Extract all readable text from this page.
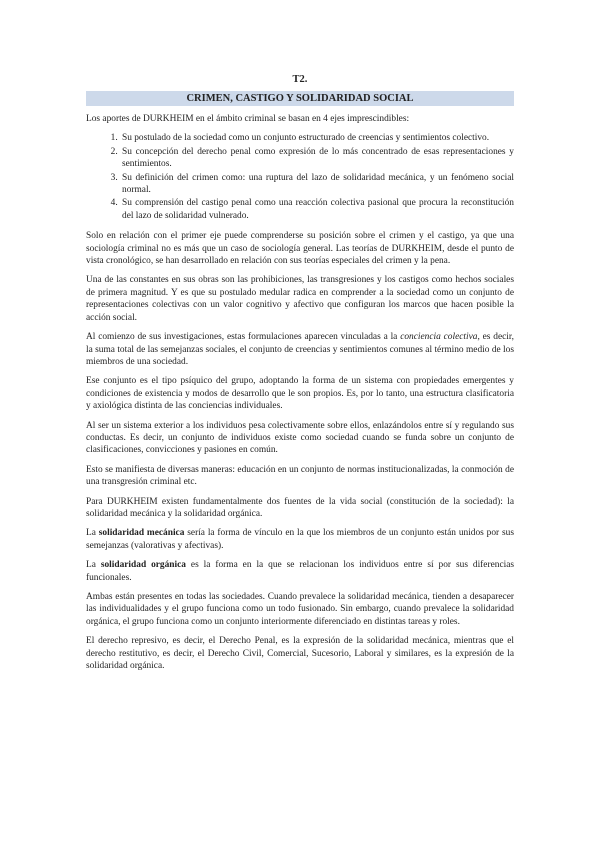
T2.
CRIMEN, CASTIGO Y SOLIDARIDAD SOCIAL

Los aportes de DURKHEIM en el ámbito criminal se basan en 4 ejes imprescindibles:

1. Su postulado de la sociedad como un conjunto estructurado de creencias y sentimientos colectivo.
2. Su concepción del derecho penal como expresión de lo más concentrado de esas representaciones y sentimientos.
3. Su definición del crimen como: una ruptura del lazo de solidaridad mecánica, y un fenómeno social normal.
4. Su comprensión del castigo penal como una reacción colectiva pasional que procura la reconstitución del lazo de solidaridad vulnerado.

Solo en relación con el primer eje puede comprenderse su posición sobre el crimen y el castigo, ya que una sociología criminal no es más que un caso de sociología general. Las teorías de DURKHEIM, desde el punto de vista cronológico, se han desarrollado en relación con sus teorías especiales del crimen y la pena.

Una de las constantes en sus obras son las prohibiciones, las transgresiones y los castigos como hechos sociales de primera magnitud. Y es que su postulado medular radica en comprender a la sociedad como un conjunto de representaciones colectivas con un valor cognitivo y afectivo que configuran los marcos que hacen posible la acción social.

Al comienzo de sus investigaciones, estas formulaciones aparecen vinculadas a la conciencia colectiva, es decir, la suma total de las semejanzas sociales, el conjunto de creencias y sentimientos comunes al término medio de los miembros de una sociedad.

Ese conjunto es el tipo psíquico del grupo, adoptando la forma de un sistema con propiedades emergentes y condiciones de existencia y modos de desarrollo que le son propios. Es, por lo tanto, una estructura clasificatoria y axiológica distinta de las conciencias individuales.

Al ser un sistema exterior a los individuos pesa colectivamente sobre ellos, enlazándolos entre sí y regulando sus conductas. Es decir, un conjunto de individuos existe como sociedad cuando se funda sobre un conjunto de clasificaciones, convicciones y pasiones en común.

Esto se manifiesta de diversas maneras: educación en un conjunto de normas institucionalizadas, la conmoción de una transgresión criminal etc.

Para DURKHEIM existen fundamentalmente dos fuentes de la vida social (constitución de la sociedad): la solidaridad mecánica y la solidaridad orgánica.

La solidaridad mecánica sería la forma de vínculo en la que los miembros de un conjunto están unidos por sus semejanzas (valorativas y afectivas).

La solidaridad orgánica es la forma en la que se relacionan los individuos entre sí por sus diferencias funcionales.

Ambas están presentes en todas las sociedades. Cuando prevalece la solidaridad mecánica, tienden a desaparecer las individualidades y el grupo funciona como un todo fusionado. Sin embargo, cuando prevalece la solidaridad orgánica, el grupo funciona como un conjunto interiormente diferenciado en distintas tareas y roles.

El derecho represivo, es decir, el Derecho Penal, es la expresión de la solidaridad mecánica, mientras que el derecho restitutivo, es decir, el Derecho Civil, Comercial, Sucesorio, Laboral y similares, es la expresión de la solidaridad orgánica.
